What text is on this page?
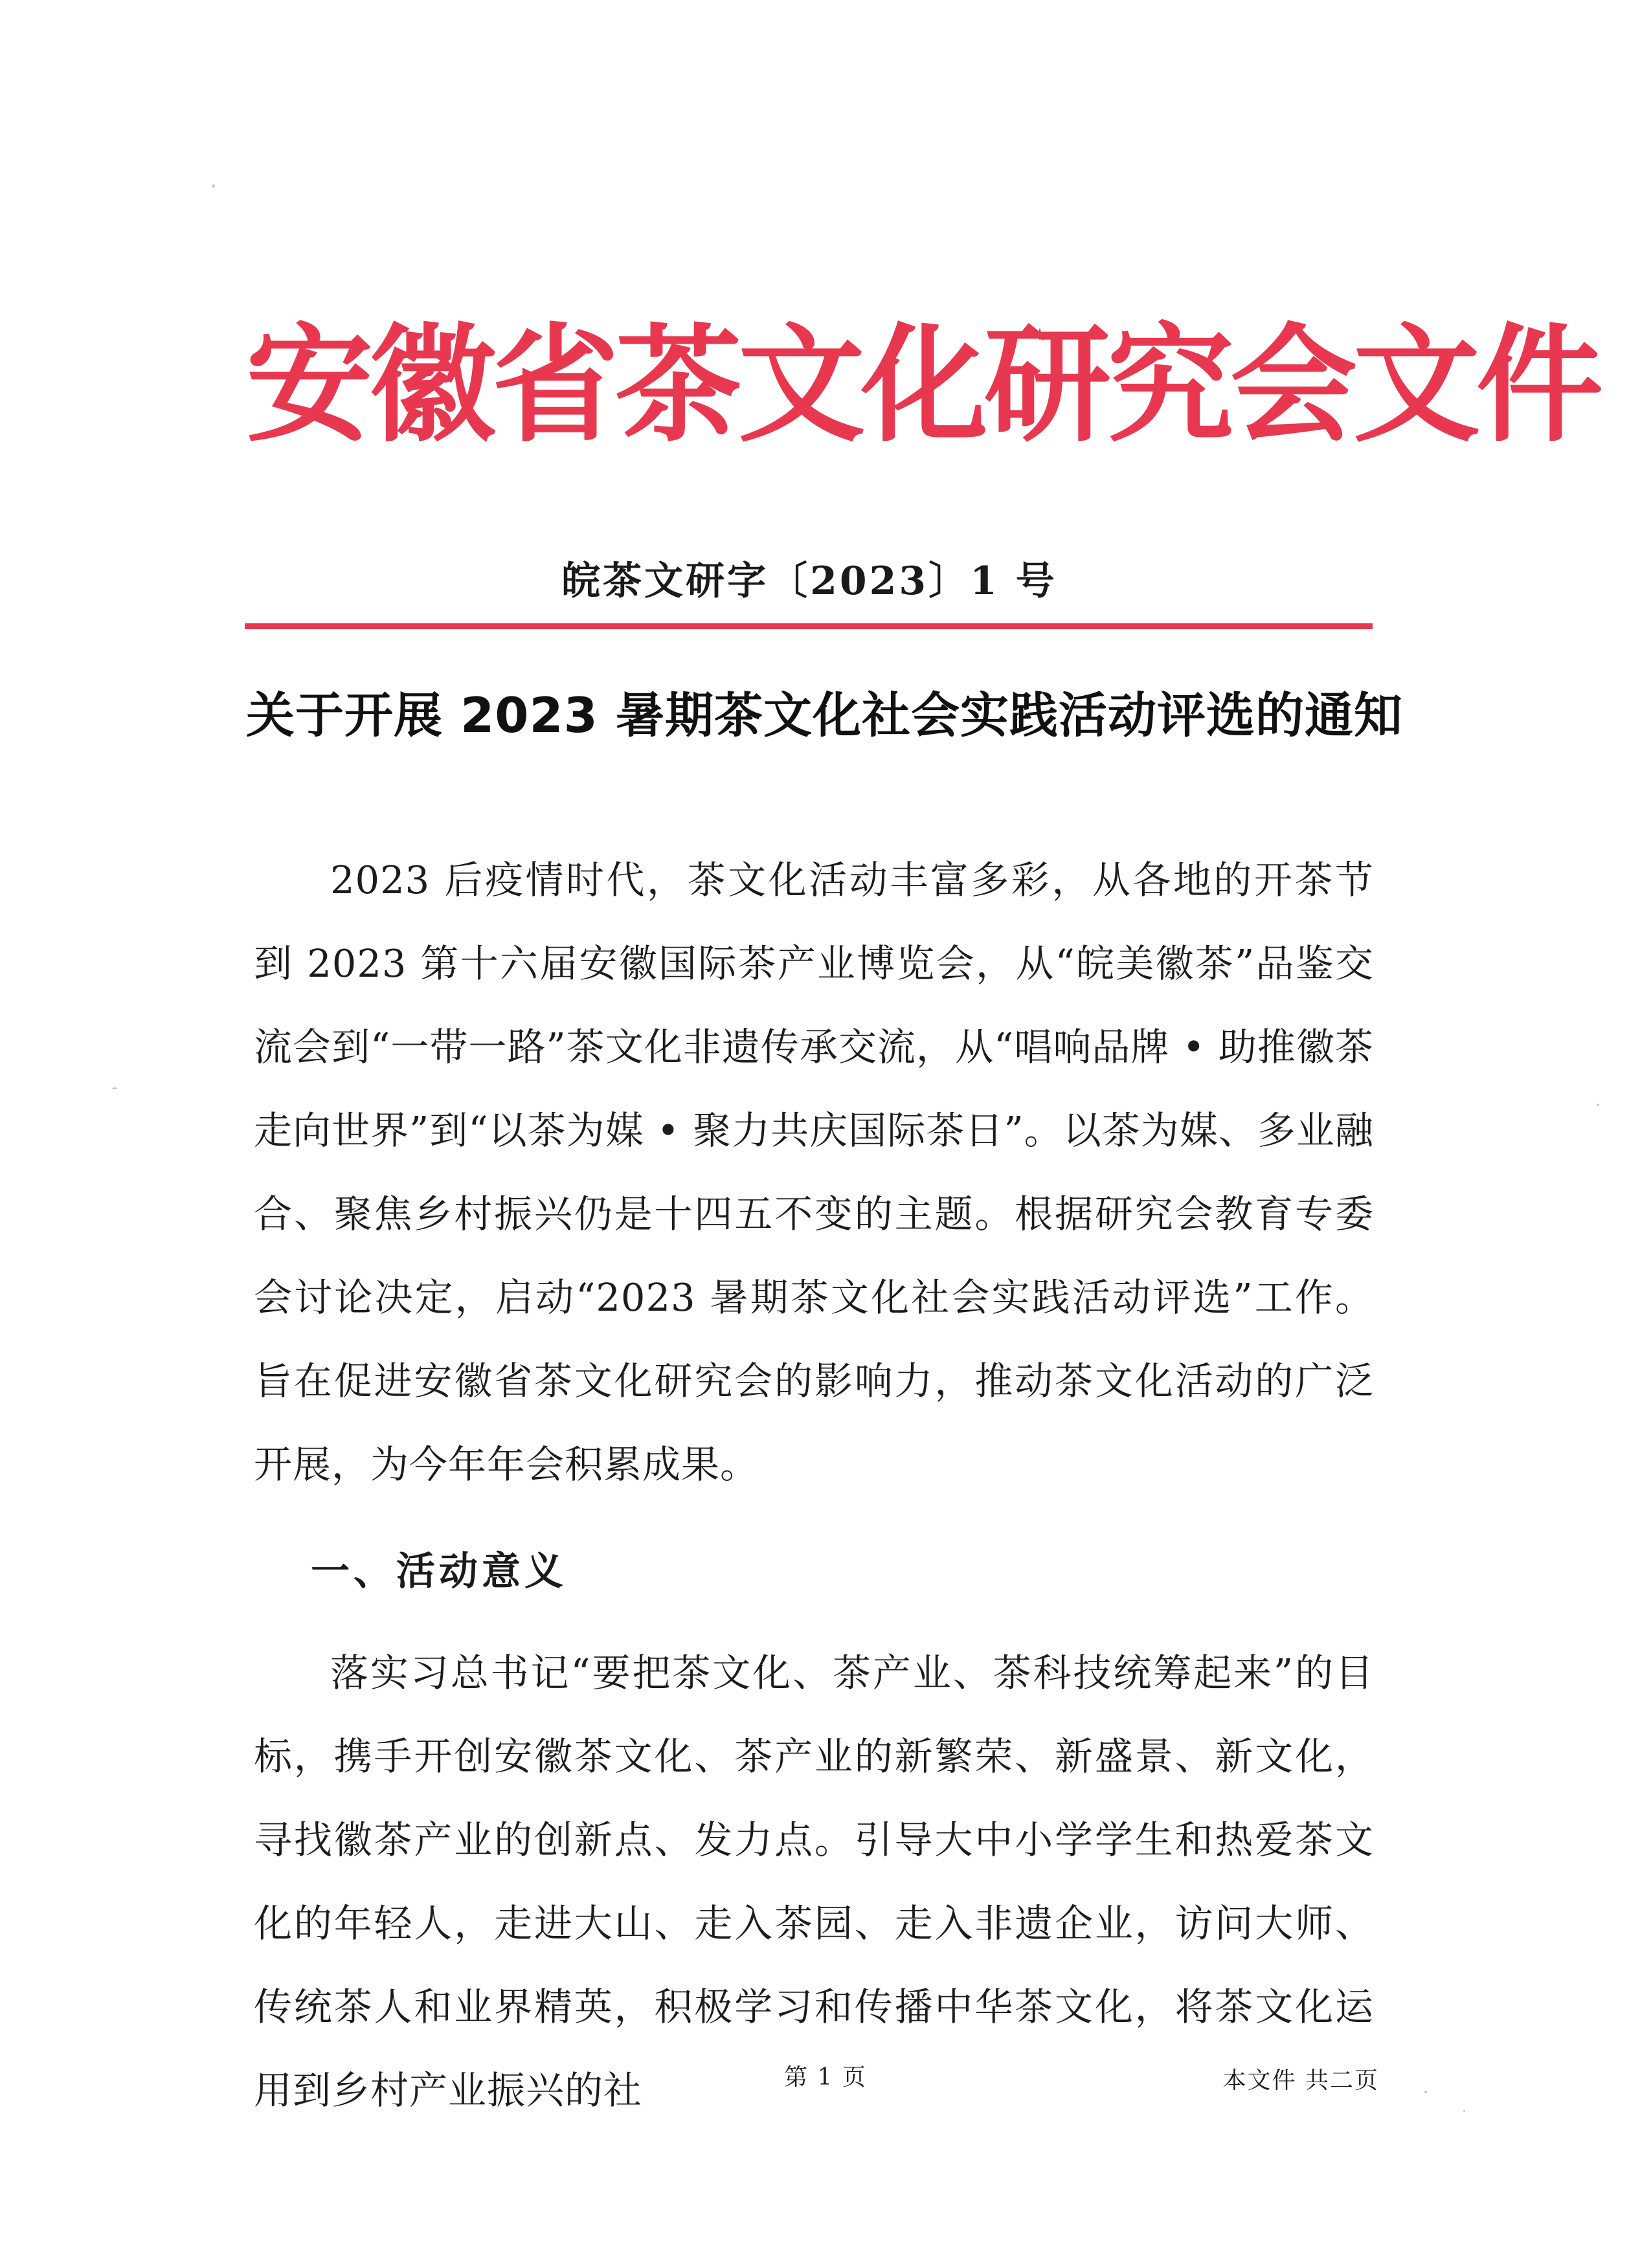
安徽省茶文化研究会文件
皖茶文研字〔2023〕1 号
关于开展 2023 暑期茶文化社会实践活动评选的通知

2023 后疫情时代，茶文化活动丰富多彩，从各地的开茶节到 2023 第十六届安徽国际茶产业博览会，从“皖美徽茶”品鉴交流会到“一带一路”茶文化非遗传承交流，从“唱响品牌 • 助推徽茶走向世界”到“以茶为媒 • 聚力共庆国际茶日”。以茶为媒、多业融合、聚焦乡村振兴仍是十四五不变的主题。根据研究会教育专委会讨论决定，启动“2023 暑期茶文化社会实践活动评选”工作。旨在促进安徽省茶文化研究会的影响力，推动茶文化活动的广泛开展，为今年年会积累成果。

一、活动意义

落实习总书记“要把茶文化、茶产业、茶科技统筹起来”的目标，携手开创安徽茶文化、茶产业的新繁荣、新盛景、新文化，寻找徽茶产业的创新点、发力点。引导大中小学学生和热爱茶文化的年轻人，走进大山、走入茶园、走入非遗企业，访问大师、传统茶人和业界精英，积极学习和传播中华茶文化，将茶文化运用到乡村产业振兴的社	第 1 页	本文件 共二页
